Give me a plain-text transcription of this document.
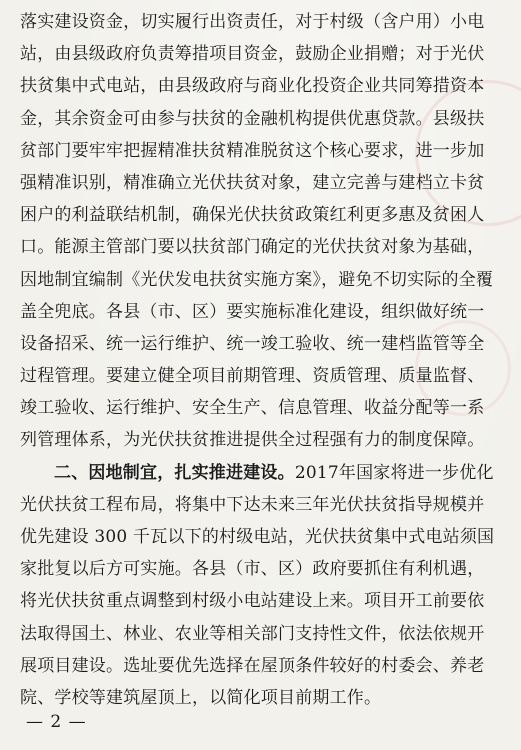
落实建设资金，切实履行出资责任，对于村级（含户用）小电
站，由县级政府负责筹措项目资金，鼓励企业捐赠；对于光伏
扶贫集中式电站，由县级政府与商业化投资企业共同筹措资本
金，其余资金可由参与扶贫的金融机构提供优惠贷款。县级扶
贫部门要牢牢把握精准扶贫精准脱贫这个核心要求，进一步加
强精准识别，精准确立光伏扶贫对象，建立完善与建档立卡贫
困户的利益联结机制，确保光伏扶贫政策红利更多惠及贫困人
口。能源主管部门要以扶贫部门确定的光伏扶贫对象为基础，
因地制宜编制《光伏发电扶贫实施方案》，避免不切实际的全覆
盖全兜底。各县（市、区）要实施标准化建设，组织做好统一
设备招采、统一运行维护、统一竣工验收、统一建档监管等全
过程管理。要建立健全项目前期管理、资质管理、质量监督、
竣工验收、运行维护、安全生产、信息管理、收益分配等一系
列管理体系，为光伏扶贫推进提供全过程强有力的制度保障。
二、因地制宜，扎实推进建设。2017年国家将进一步优化
光伏扶贫工程布局，将集中下达未来三年光伏扶贫指导规模并
优先建设 300 千瓦以下的村级电站，光伏扶贫集中式电站须国
家批复以后方可实施。各县（市、区）政府要抓住有利机遇，
将光伏扶贫重点调整到村级小电站建设上来。项目开工前要依
法取得国土、林业、农业等相关部门支持性文件，依法依规开
展项目建设。选址要优先选择在屋顶条件较好的村委会、养老
院、学校等建筑屋顶上，以简化项目前期工作。
— 2 —
